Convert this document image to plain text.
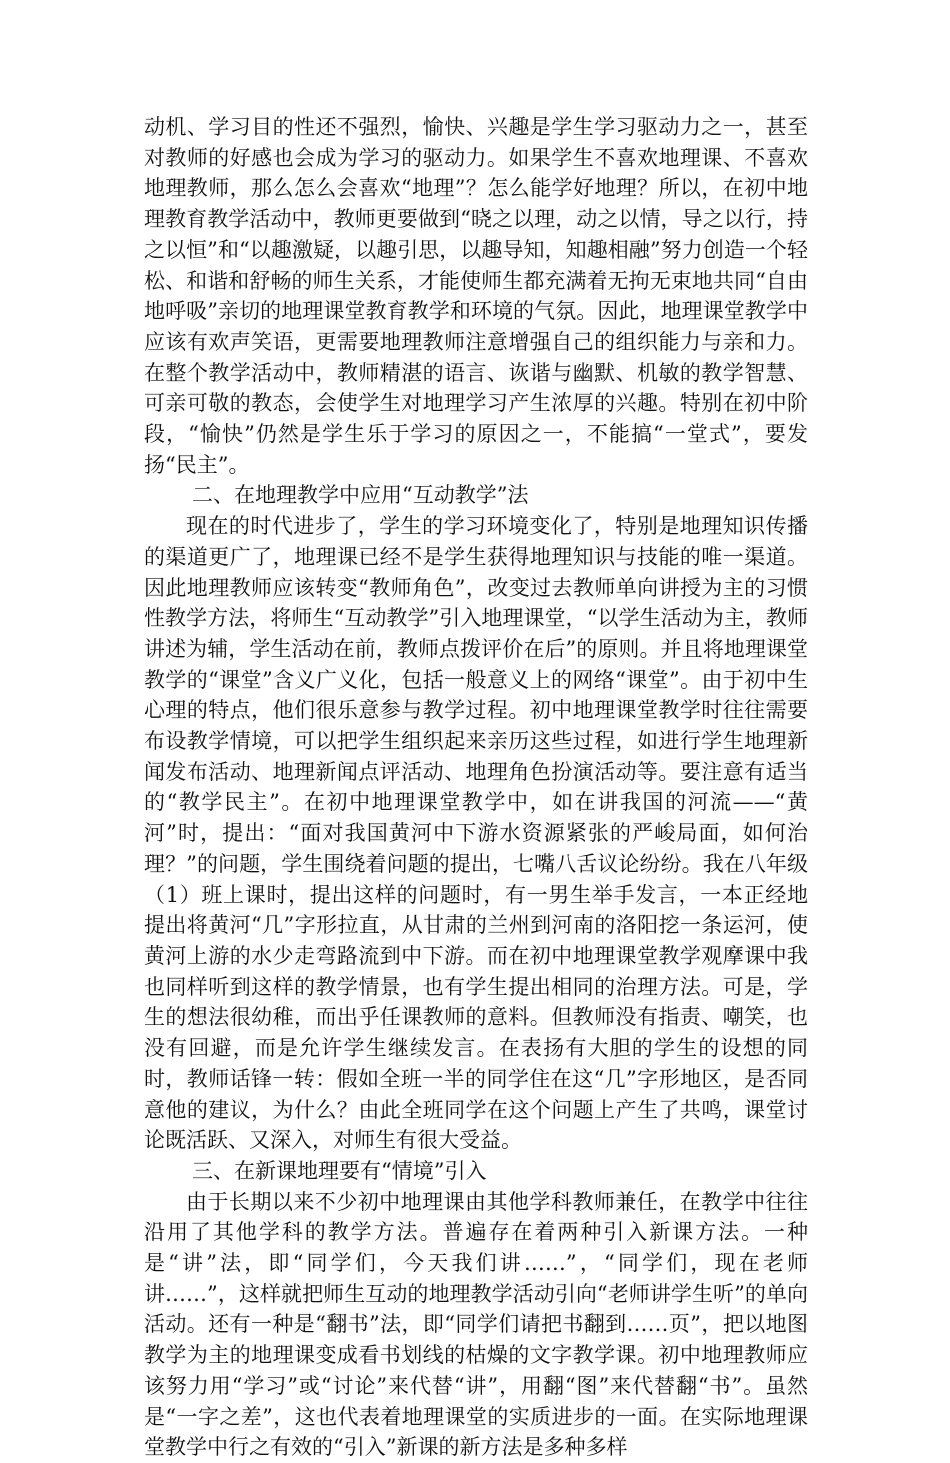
动机、学习目的性还不强烈，愉快、兴趣是学生学习驱动力之一，甚至对教师的好感也会成为学习的驱动力。如果学生不喜欢地理课、不喜欢地理教师，那么怎么会喜欢“地理”？怎么能学好地理？所以，在初中地理教育教学活动中，教师更要做到“晓之以理，动之以情，导之以行，持之以恒”和“以趣激疑，以趣引思，以趣导知，知趣相融”努力创造一个轻松、和谐和舒畅的师生关系，才能使师生都充满着无拘无束地共同“自由地呼吸”亲切的地理课堂教育教学和环境的气氛。因此，地理课堂教学中应该有欢声笑语，更需要地理教师注意增强自己的组织能力与亲和力。在整个教学活动中，教师精湛的语言、诙谐与幽默、机敏的教学智慧、可亲可敬的教态，会使学生对地理学习产生浓厚的兴趣。特别在初中阶段，“愉快”仍然是学生乐于学习的原因之一，不能搞“一堂式”，要发扬“民主”。

二、在地理教学中应用“互动教学”法

现在的时代进步了，学生的学习环境变化了，特别是地理知识传播的渠道更广了，地理课已经不是学生获得地理知识与技能的唯一渠道。因此地理教师应该转变“教师角色”，改变过去教师单向讲授为主的习惯性教学方法，将师生“互动教学”引入地理课堂，“以学生活动为主，教师讲述为辅，学生活动在前，教师点拨评价在后”的原则。并且将地理课堂教学的“课堂”含义广义化，包括一般意义上的网络“课堂”。由于初中生心理的特点，他们很乐意参与教学过程。初中地理课堂教学时往往需要布设教学情境，可以把学生组织起来亲历这些过程，如进行学生地理新闻发布活动、地理新闻点评活动、地理角色扮演活动等。要注意有适当的“教学民主”。在初中地理课堂教学中，如在讲我国的河流——“黄河”时，提出：“面对我国黄河中下游水资源紧张的严峻局面，如何治理？”的问题，学生围绕着问题的提出，七嘴八舌议论纷纷。我在八年级（1）班上课时，提出这样的问题时，有一男生举手发言，一本正经地提出将黄河“几”字形拉直，从甘肃的兰州到河南的洛阳挖一条运河，使黄河上游的水少走弯路流到中下游。而在初中地理课堂教学观摩课中我也同样听到这样的教学情景，也有学生提出相同的治理方法。可是，学生的想法很幼稚，而出乎任课教师的意料。但教师没有指责、嘲笑，也没有回避，而是允许学生继续发言。在表扬有大胆的学生的设想的同时，教师话锋一转：假如全班一半的同学住在这“几”字形地区，是否同意他的建议，为什么？由此全班同学在这个问题上产生了共鸣，课堂讨论既活跃、又深入，对师生有很大受益。

三、在新课地理要有“情境”引入

由于长期以来不少初中地理课由其他学科教师兼任，在教学中往往沿用了其他学科的教学方法。普遍存在着两种引入新课方法。一种是“讲”法，即“同学们，今天我们讲……”，“同学们，现在老师讲……”，这样就把师生互动的地理教学活动引向“老师讲学生听”的单向活动。还有一种是“翻书”法，即“同学们请把书翻到……页”，把以地图教学为主的地理课变成看书划线的枯燥的文字教学课。初中地理教师应该努力用“学习”或“讨论”来代替“讲”，用翻“图”来代替翻“书”。虽然是“一字之差”，这也代表着地理课堂的实质进步的一面。在实际地理课堂教学中行之有效的“引入”新课的新方法是多种多样
